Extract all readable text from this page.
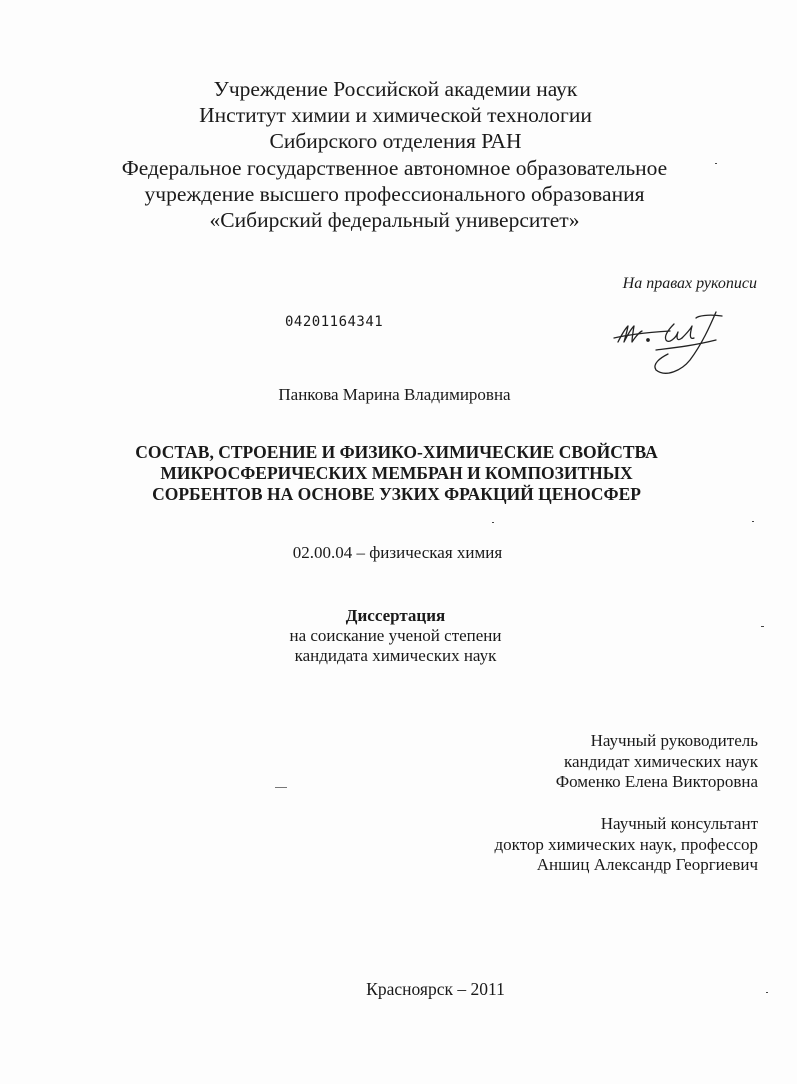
Учреждение Российской академии наук
Институт химии и химической технологии
Сибирского отделения РАН
Федеральное государственное автономное образовательное
учреждение высшего профессионального образования
«Сибирский федеральный университет»
На правах рукописи
04201164341
Панкова Марина Владимировна
СОСТАВ, СТРОЕНИЕ И ФИЗИКО-ХИМИЧЕСКИЕ СВОЙСТВА
МИКРОСФЕРИЧЕСКИХ МЕМБРАН И КОМПОЗИТНЫХ
СОРБЕНТОВ НА ОСНОВЕ УЗКИХ ФРАКЦИЙ ЦЕНОСФЕР
02.00.04 – физическая химия
Диссертация
на соискание ученой степени
кандидата химических наук
Научный руководитель
кандидат химических наук
Фоменко Елена Викторовна
Научный консультант
доктор химических наук, профессор
Аншиц Александр Георгиевич
Красноярск – 2011
